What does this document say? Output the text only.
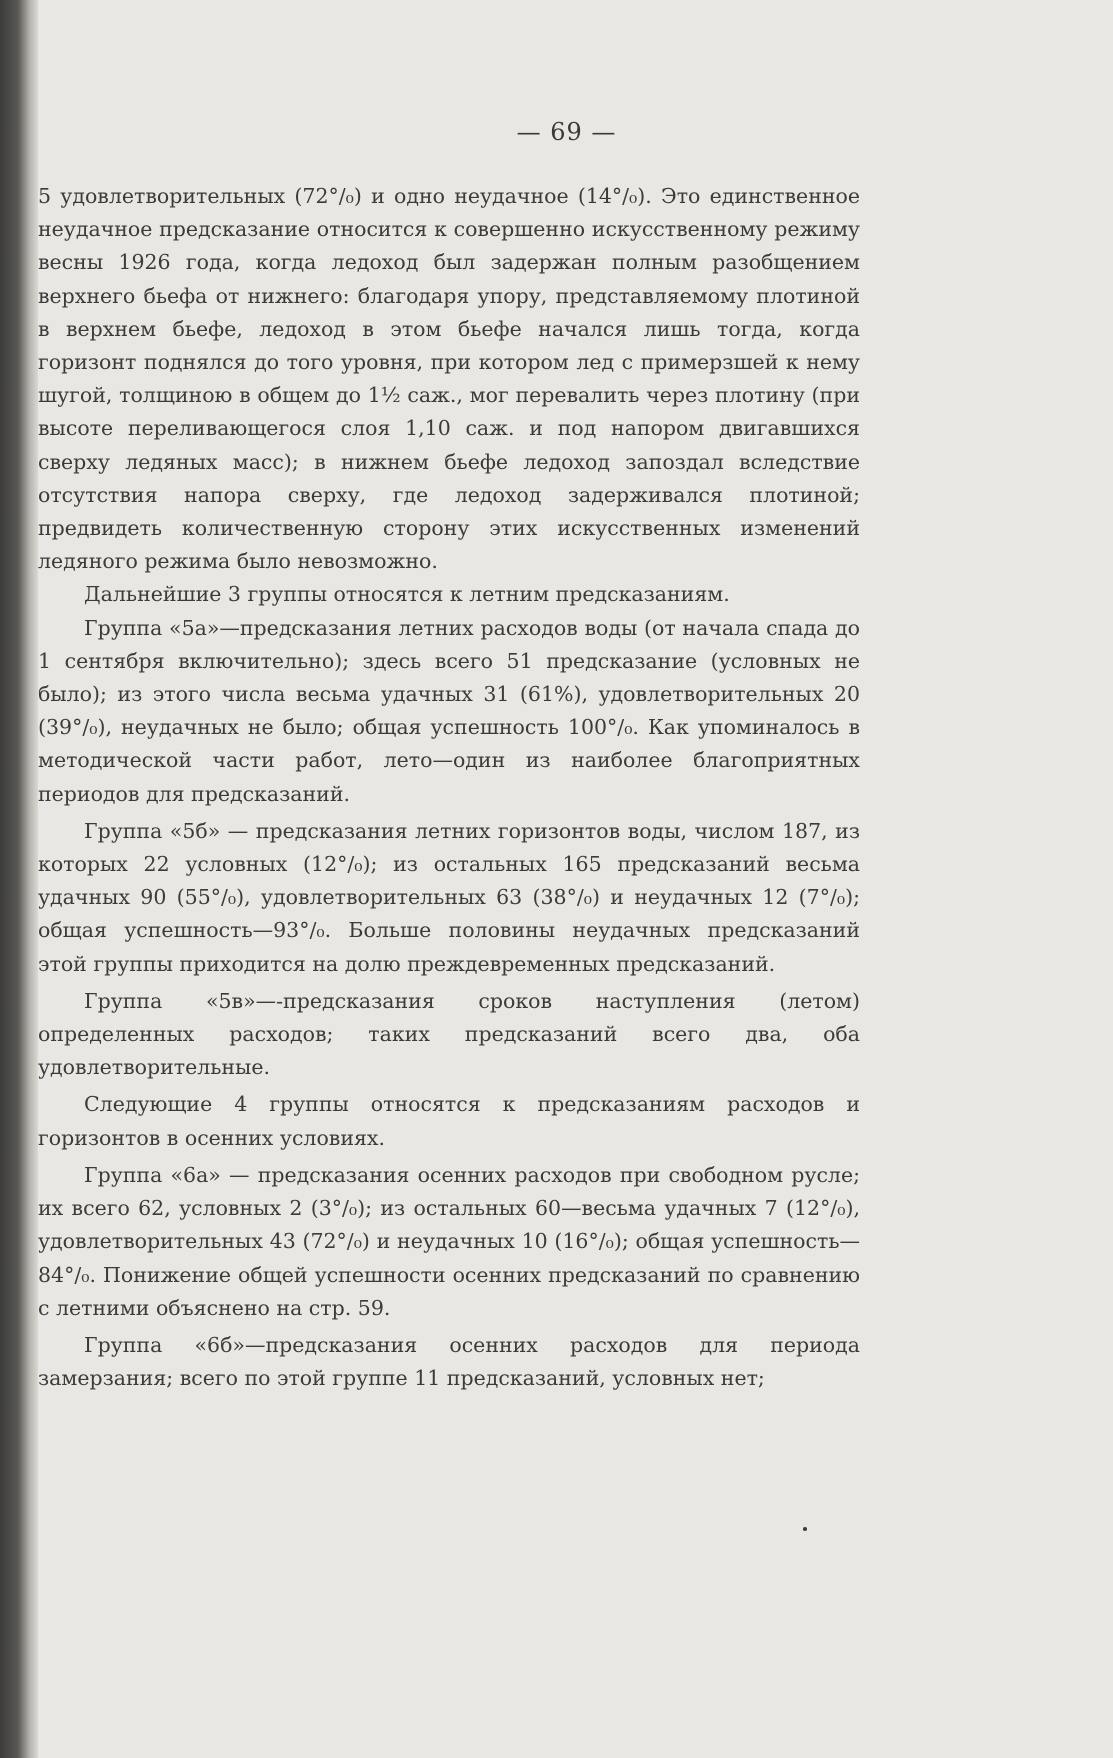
— 69 —

5 удовлетворительных (72°/₀) и одно неудачное (14°/₀). Это единственное неудачное предсказание относится к совершенно искусственному режиму весны 1926 года, когда ледоход был задержан полным разобщением верхнего бьефа от нижнего: благодаря упору, представляемому плотиной в верхнем бьефе, ледоход в этом бьефе начался лишь тогда, когда горизонт поднялся до того уровня, при котором лед с примерзшей к нему шугой, толщиною в общем до 1½ саж., мог перевалить через плотину (при высоте переливающегося слоя 1,10 саж. и под напором двигавшихся сверху ледяных масс); в нижнем бьефе ледоход запоздал вследствие отсутствия напора сверху, где ледоход задерживался плотиной; предвидеть количественную сторону этих искусственных изменений ледяного режима было невозможно.

Дальнейшие 3 группы относятся к летним предсказаниям.

Группа «5а»—предсказания летних расходов воды (от начала спада до 1 сентября включительно); здесь всего 51 предсказание (условных не было); из этого числа весьма удачных 31 (61%), удовлетворительных 20 (39°/₀), неудачных не было; общая успешность 100°/₀. Как упоминалось в методической части работ, лето—один из наиболее благоприятных периодов для предсказаний.

Группа «5б» — предсказания летних горизонтов воды, числом 187, из которых 22 условных (12°/₀); из остальных 165 предсказаний весьма удачных 90 (55°/₀), удовлетворительных 63 (38°/₀) и неудачных 12 (7°/₀); общая успешность—93°/₀. Больше половины неудачных предсказаний этой группы приходится на долю преждевременных предсказаний.

Группа «5в»—-предсказания сроков наступления (летом) определенных расходов; таких предсказаний всего два, оба удовлетворительные.

Следующие 4 группы относятся к предсказаниям расходов и горизонтов в осенних условиях.

Группа «6а» — предсказания осенних расходов при свободном русле; их всего 62, условных 2 (3°/₀); из остальных 60—весьма удачных 7 (12°/₀), удовлетворительных 43 (72°/₀) и неудачных 10 (16°/₀); общая успешность—84°/₀. Понижение общей успешности осенних предсказаний по сравнению с летними объяснено на стр. 59.

Группа «6б»—предсказания осенних расходов для периода замерзания; всего по этой группе 11 предсказаний, условных нет;
